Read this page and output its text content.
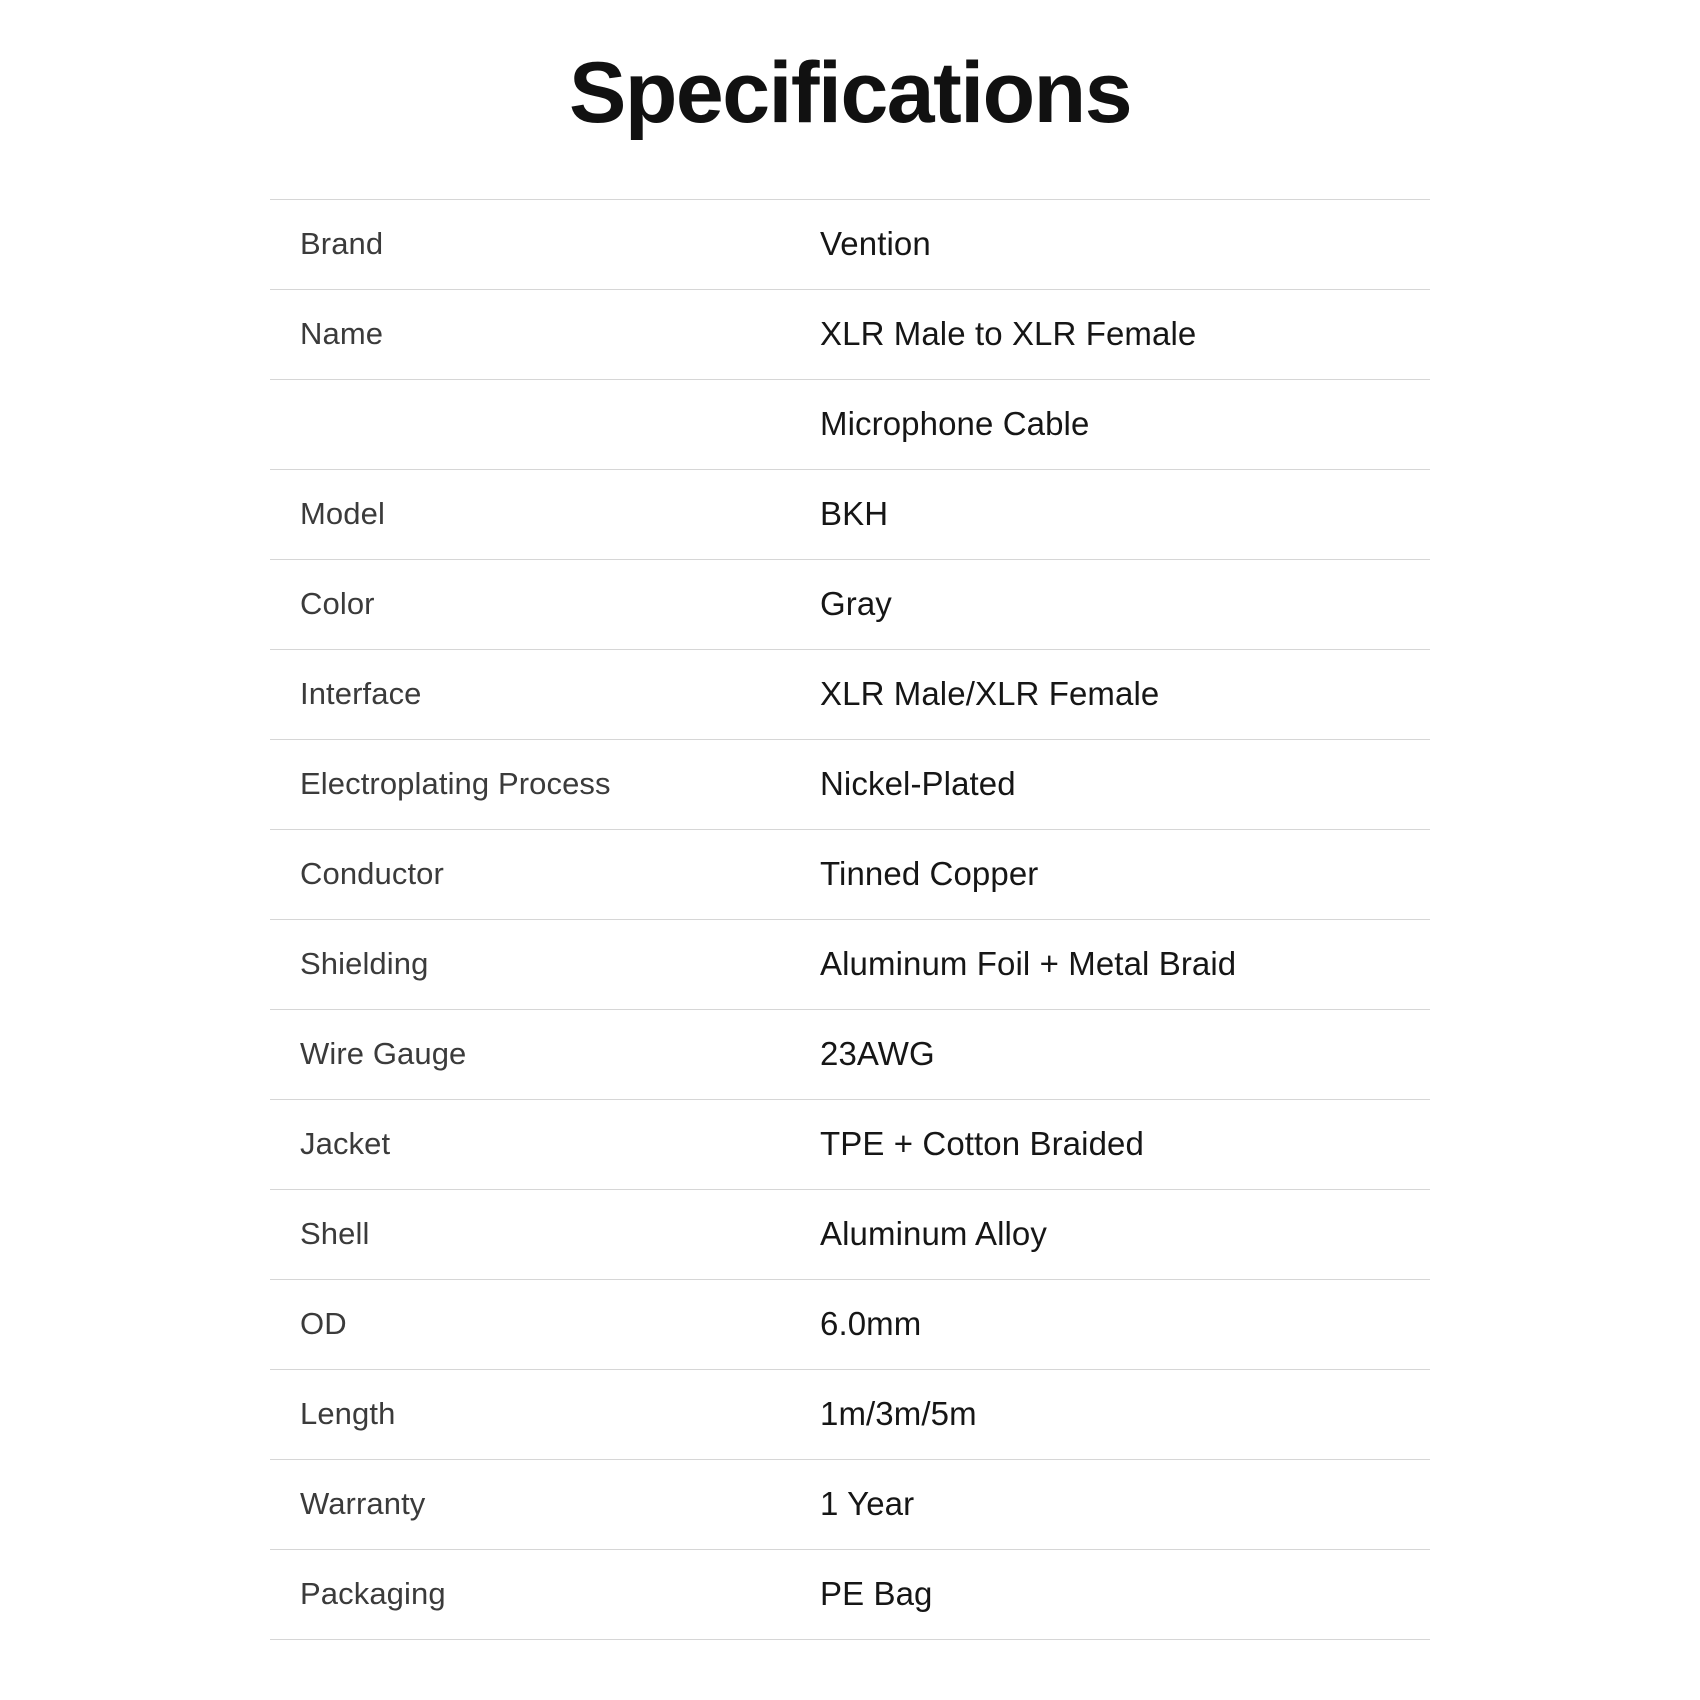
Specifications
Brand	Vention
Name	XLR Male to XLR Female
	Microphone Cable
Model	BKH
Color	Gray
Interface	XLR Male/XLR Female
Electroplating Process	Nickel-Plated
Conductor	Tinned Copper
Shielding	Aluminum Foil + Metal Braid
Wire Gauge	23AWG
Jacket	TPE + Cotton Braided
Shell	Aluminum Alloy
OD	6.0mm
Length	1m/3m/5m
Warranty	1 Year
Packaging	PE Bag
